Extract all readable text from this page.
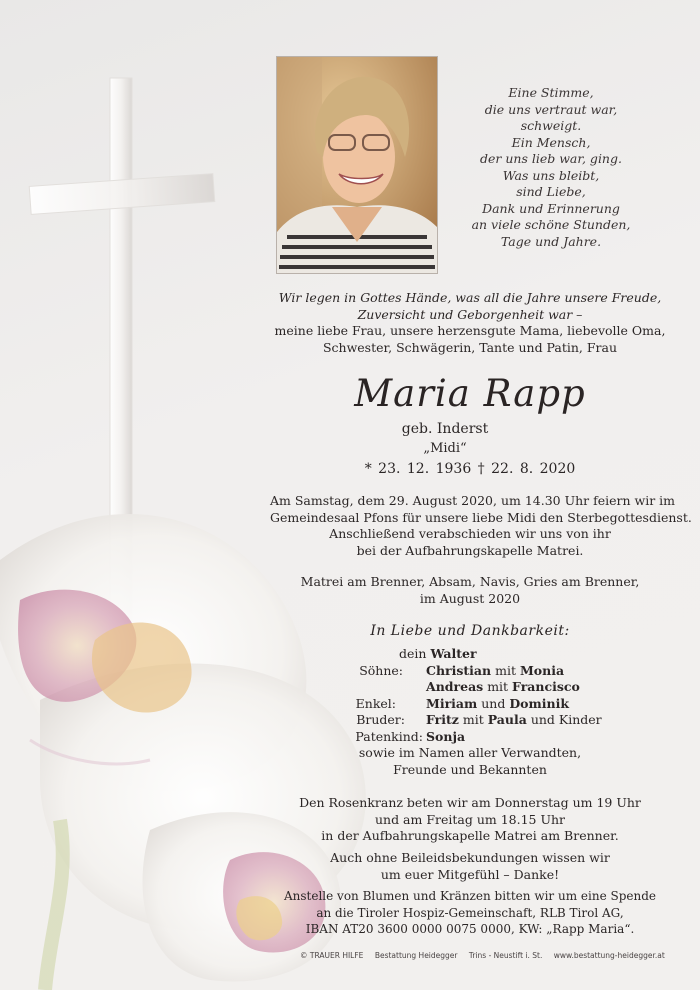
Eine Stimme,
die uns vertraut war,
schweigt.
Ein Mensch,
der uns lieb war, ging.
Was uns bleibt,
sind Liebe,
Dank und Erinnerung
an viele schöne Stunden,
Tage und Jahre.
Wir legen in Gottes Hände, was all die Jahre unsere Freude,
Zuversicht und Geborgenheit war –
meine liebe Frau, unsere herzensgute Mama, liebevolle Oma,
Schwester, Schwägerin, Tante und Patin, Frau
Maria Rapp
geb. Inderst
„Midi“
* 23. 12. 1936 † 22. 8. 2020
Am Samstag, dem 29. August 2020, um 14.30 Uhr feiern wir im
Gemeindesaal Pfons für unsere liebe Midi den Sterbegottesdienst.
Anschließend verabschieden wir uns von ihr
bei der Aufbahrungskapelle Matrei.
Matrei am Brenner, Absam, Navis, Gries am Brenner,
im August 2020
In Liebe und Dankbarkeit:
dein Walter
Söhne: Christian mit Monia
Andreas mit Francisco
Enkel: Miriam und Dominik
Bruder: Fritz mit Paula und Kinder
Patenkind: Sonja
sowie im Namen aller Verwandten,
Freunde und Bekannten
Den Rosenkranz beten wir am Donnerstag um 19 Uhr
und am Freitag um 18.15 Uhr
in der Aufbahrungskapelle Matrei am Brenner.
Auch ohne Beileidsbekundungen wissen wir
um euer Mitgefühl – Danke!
Anstelle von Blumen und Kränzen bitten wir um eine Spende
an die Tiroler Hospiz-Gemeinschaft, RLB Tirol AG,
IBAN AT20 3600 0000 0075 0000, KW: „Rapp Maria“.
© TRAUER HILFE Bestattung Heidegger Trins - Neustift i. St. www.bestattung-heidegger.at
